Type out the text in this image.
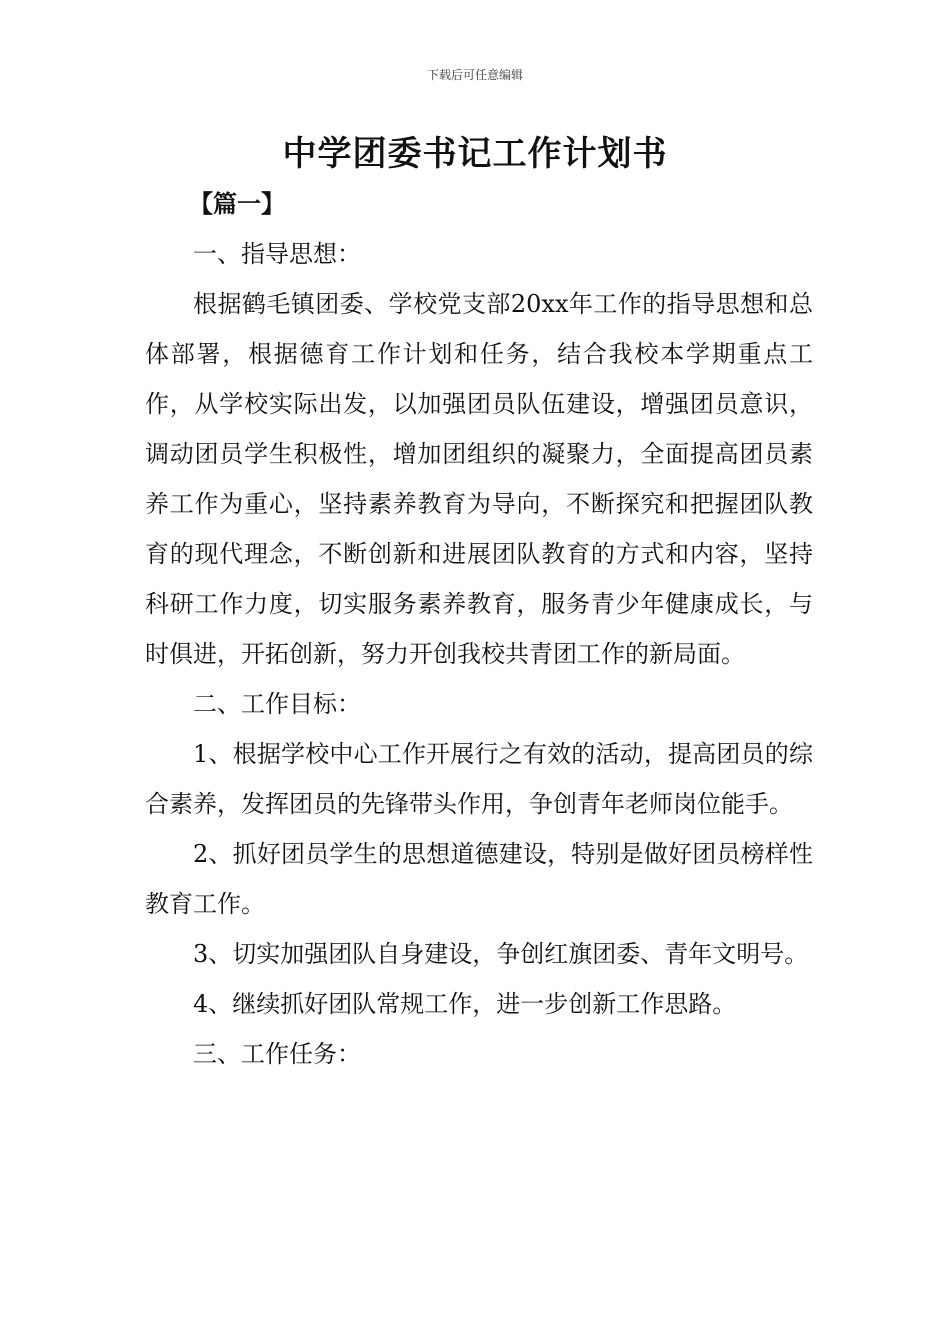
下载后可任意编辑
中学团委书记工作计划书

【篇一】

一、指导思想：

根据鹤毛镇团委、学校党支部20xx年工作的指导思想和总体部署，根据德育工作计划和任务，结合我校本学期重点工作，从学校实际出发，以加强团员队伍建设，增强团员意识，调动团员学生积极性，增加团组织的凝聚力，全面提高团员素养工作为重心，坚持素养教育为导向，不断探究和把握团队教育的现代理念，不断创新和进展团队教育的方式和内容，坚持科研工作力度，切实服务素养教育，服务青少年健康成长，与时俱进，开拓创新，努力开创我校共青团工作的新局面。

二、工作目标：

1、根据学校中心工作开展行之有效的活动，提高团员的综合素养，发挥团员的先锋带头作用，争创青年老师岗位能手。

2、抓好团员学生的思想道德建设，特别是做好团员榜样性教育工作。

3、切实加强团队自身建设，争创红旗团委、青年文明号。

4、继续抓好团队常规工作，进一步创新工作思路。

三、工作任务：
